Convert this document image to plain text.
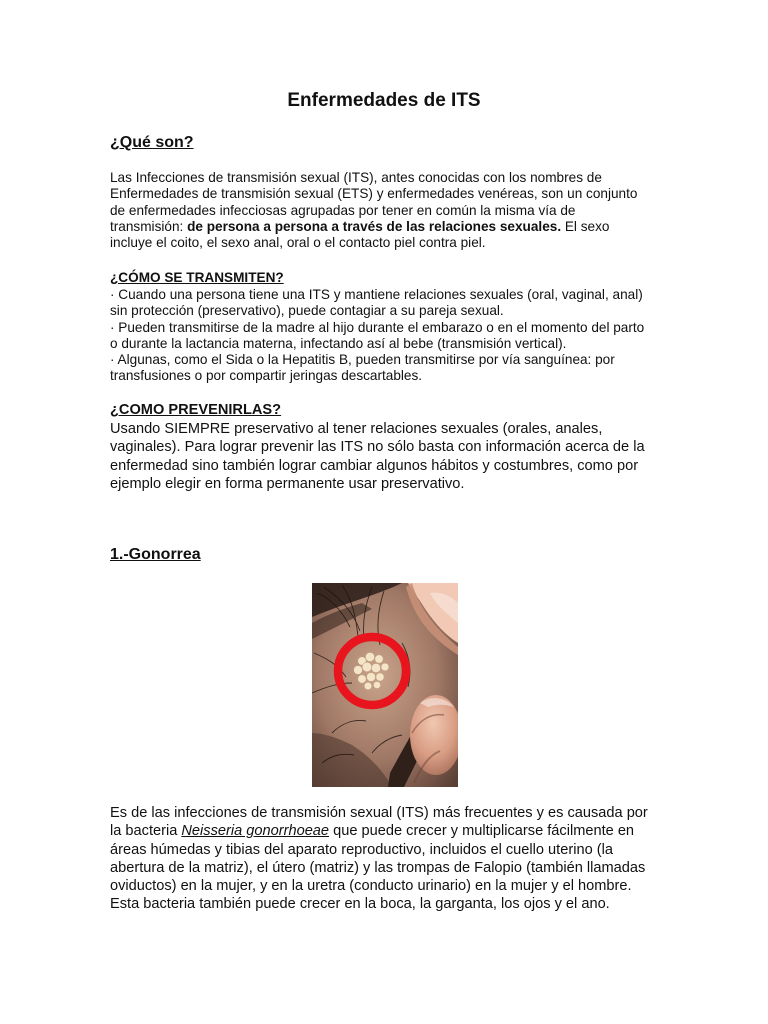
Enfermedades de ITS
¿Qué son?

Las Infecciones de transmisión sexual (ITS), antes conocidas con los nombres de Enfermedades de transmisión sexual (ETS) y enfermedades venéreas, son un conjunto de enfermedades infecciosas agrupadas por tener en común la misma vía de transmisión: de persona a persona a través de las relaciones sexuales. El sexo incluye el coito, el sexo anal, oral o el contacto piel contra piel.

¿CÓMO SE TRANSMITEN?

· Cuando una persona tiene una ITS y mantiene relaciones sexuales (oral, vaginal, anal) sin protección (preservativo), puede contagiar a su pareja sexual.
· Pueden transmitirse de la madre al hijo durante el embarazo o en el momento del parto o durante la lactancia materna, infectando así al bebe (transmisión vertical).
· Algunas, como el Sida o la Hepatitis B, pueden transmitirse por vía sanguínea: por transfusiones o por compartir jeringas descartables.

¿COMO PREVENIRLAS?

Usando SIEMPRE preservativo al tener relaciones sexuales (orales, anales, vaginales). Para lograr prevenir las ITS no sólo basta con información acerca de la enfermedad sino también lograr cambiar algunos hábitos y costumbres, como por ejemplo elegir en forma permanente usar preservativo.

1.-Gonorrea

Es de las infecciones de transmisión sexual (ITS) más frecuentes y es causada por la bacteria Neisseria gonorrhoeae que puede crecer y multiplicarse fácilmente en áreas húmedas y tibias del aparato reproductivo, incluidos el cuello uterino (la abertura de la matriz), el útero (matriz) y las trompas de Falopio (también llamadas oviductos) en la mujer, y en la uretra (conducto urinario) en la mujer y el hombre. Esta bacteria también puede crecer en la boca, la garganta, los ojos y el ano.
